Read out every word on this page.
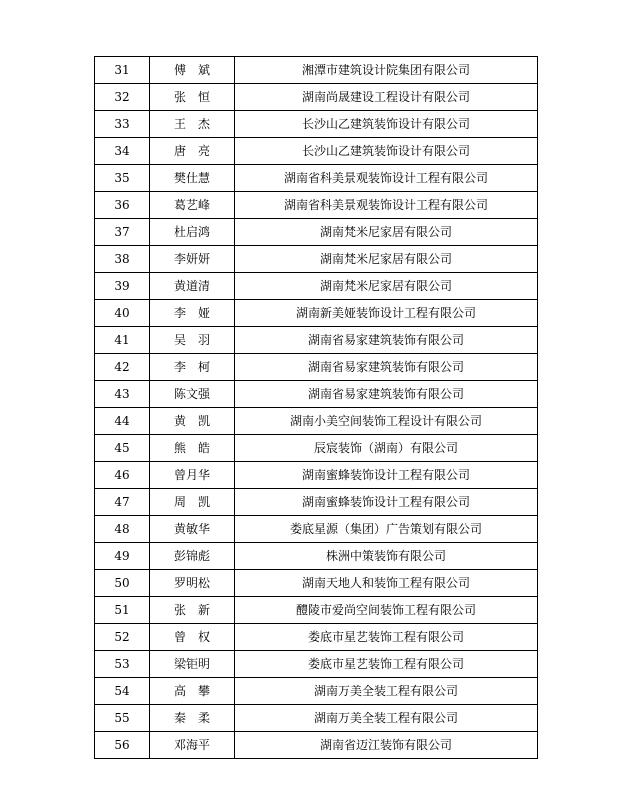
31	傅　斌	湘潭市建筑设计院集团有限公司
32	张　恒	湖南尚晟建设工程设计有限公司
33	王　杰	长沙山乙建筑装饰设计有限公司
34	唐　亮	长沙山乙建筑装饰设计有限公司
35	樊仕慧	湖南省科美景观装饰设计工程有限公司
36	葛艺峰	湖南省科美景观装饰设计工程有限公司
37	杜启鸿	湖南梵米尼家居有限公司
38	李妍妍	湖南梵米尼家居有限公司
39	黄道清	湖南梵米尼家居有限公司
40	李　娅	湖南新美娅装饰设计工程有限公司
41	吴　羽	湖南省易家建筑装饰有限公司
42	李　柯	湖南省易家建筑装饰有限公司
43	陈文强	湖南省易家建筑装饰有限公司
44	黄　凯	湖南小美空间装饰工程设计有限公司
45	熊　皓	辰宸装饰（湖南）有限公司
46	曾月华	湖南蜜蜂装饰设计工程有限公司
47	周　凯	湖南蜜蜂装饰设计工程有限公司
48	黄敏华	娄底星源（集团）广告策划有限公司
49	彭锦彪	株洲中策装饰有限公司
50	罗明松	湖南天地人和装饰工程有限公司
51	张　新	醴陵市爱尚空间装饰工程有限公司
52	曾　权	娄底市星艺装饰工程有限公司
53	梁钜明	娄底市星艺装饰工程有限公司
54	高　攀	湖南万美全装工程有限公司
55	秦　柔	湖南万美全装工程有限公司
56	邓海平	湖南省迈江装饰有限公司
